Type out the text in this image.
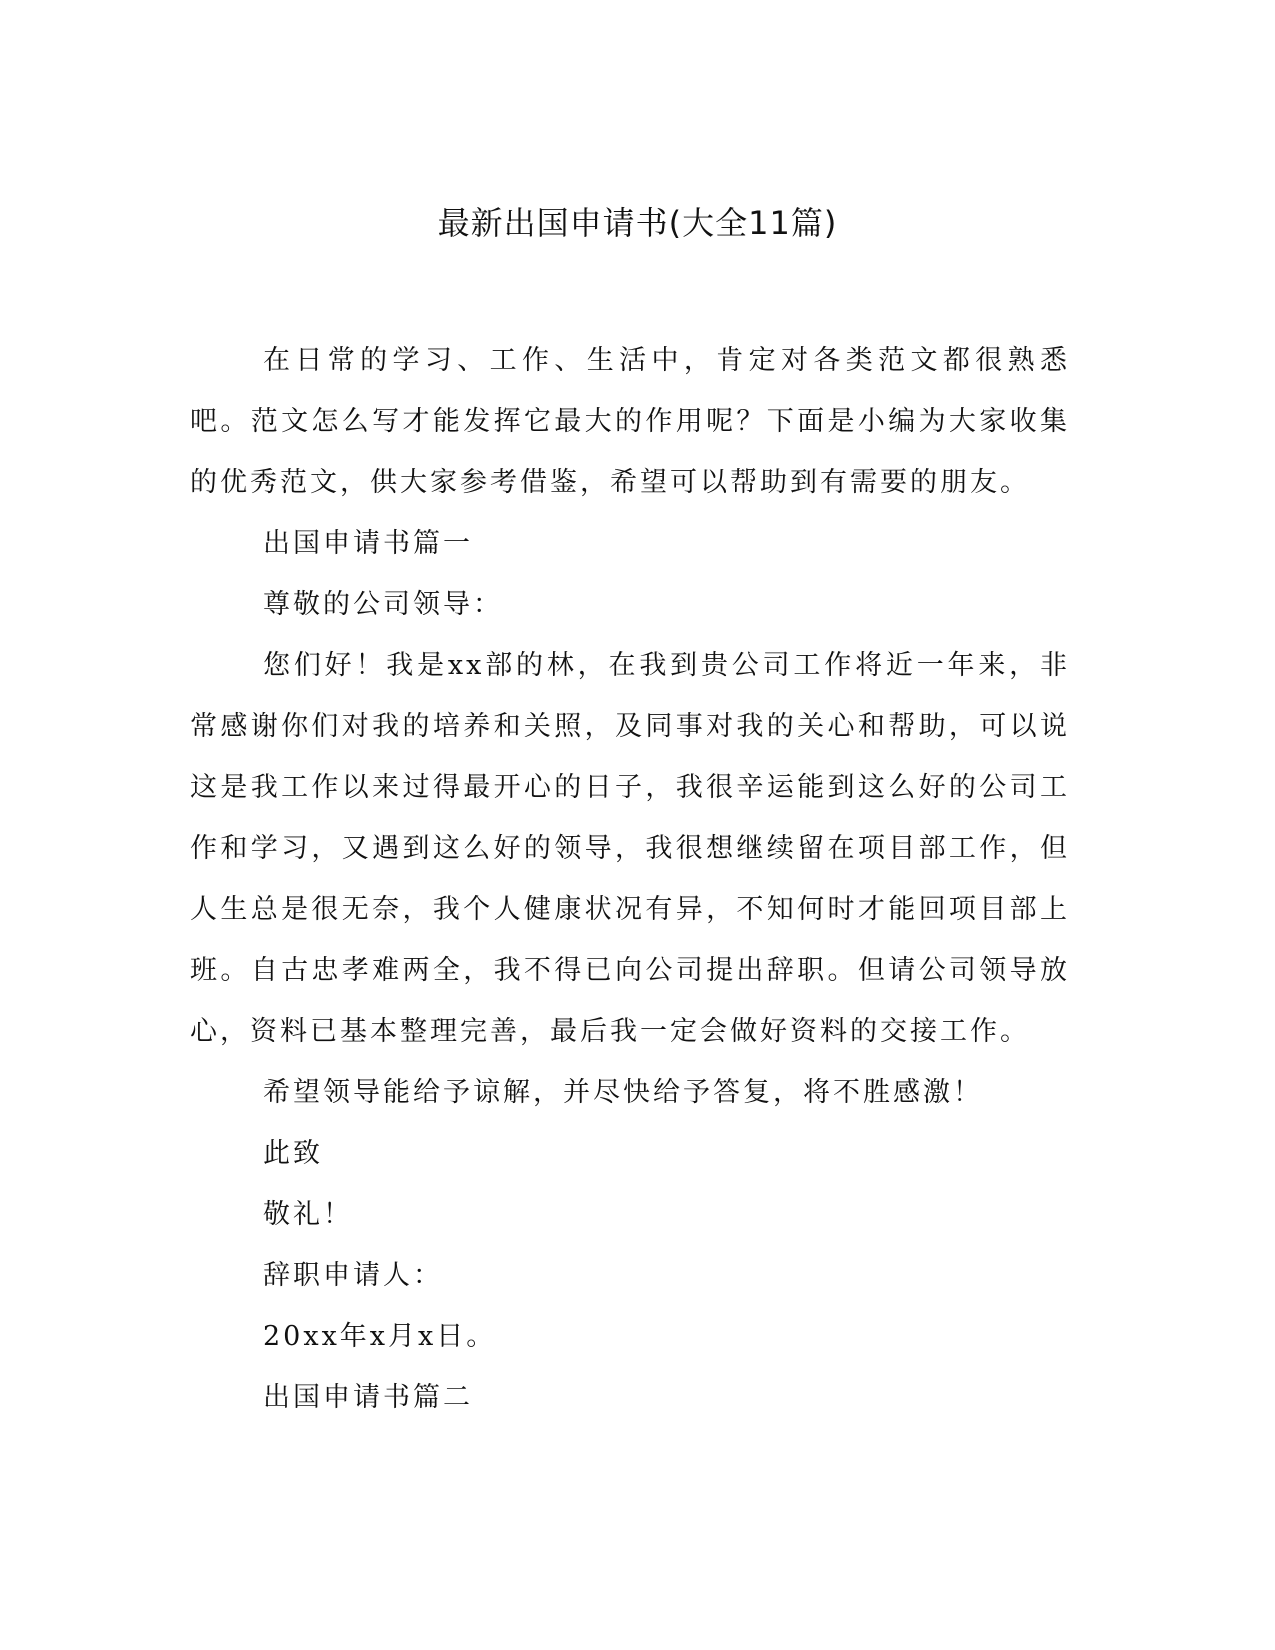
最新出国申请书(大全11篇)

在日常的学习、工作、生活中，肯定对各类范文都很熟悉吧。范文怎么写才能发挥它最大的作用呢？下面是小编为大家收集的优秀范文，供大家参考借鉴，希望可以帮助到有需要的朋友。

出国申请书篇一

尊敬的公司领导：

您们好！我是xx部的林，在我到贵公司工作将近一年来，非常感谢你们对我的培养和关照，及同事对我的关心和帮助，可以说这是我工作以来过得最开心的日子，我很辛运能到这么好的公司工作和学习，又遇到这么好的领导，我很想继续留在项目部工作，但人生总是很无奈，我个人健康状况有异，不知何时才能回项目部上班。自古忠孝难两全，我不得已向公司提出辞职。但请公司领导放心，资料已基本整理完善，最后我一定会做好资料的交接工作。

希望领导能给予谅解，并尽快给予答复，将不胜感激！

此致

敬礼！

辞职申请人：

20xx年x月x日。

出国申请书篇二
